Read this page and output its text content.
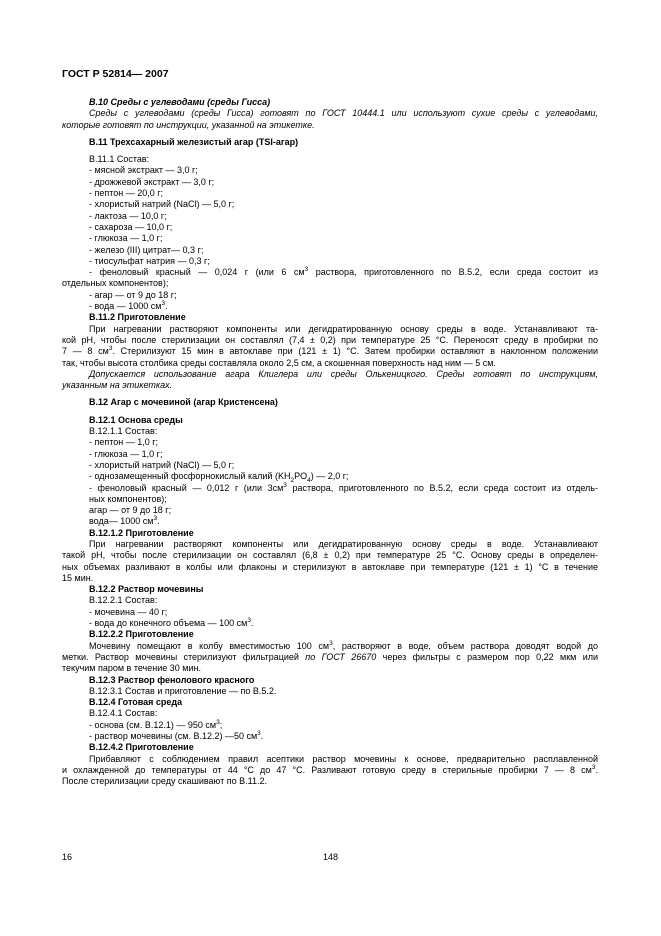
ГОСТ Р 52814— 2007
B.10 Среды с углеводами (среды Гисса)
Среды с углеводами (среды Гисса) готовят по ГОСТ 10444.1 или используют сухие среды с углеводами,
которые готовят по инструкции, указанной на этикетке.
B.11 Трехсахарный железистый агар (TSI-агар)
B.11.1 Состав:
- мясной экстракт — 3,0 г;
- дрожжевой экстракт — 3,0 г;
- пептон — 20,0 г;
- хлористый натрий (NaCl) — 5,0 г;
- лактоза — 10,0 г;
- сахароза — 10,0 г;
- глюкоза — 1,0 г;
- железо (III) цитрат— 0,3 г;
- тиосульфат натрия — 0,3 г;
- феноловый красный — 0,024 г (или 6 $см^3$ раствора, приготовленного по B.5.2, если среда состоит из
отдельных компонентов);
- агар — от 9 до 18 г;
- вода — 1000 $см^3$.
B.11.2 Приготовление
При нагревании растворяют компоненты или дегидратированную основу среды в воде. Устанавливают та-
кой pH, чтобы после стерилизации он составлял (7,4 ± 0,2) при температуре 25 °С. Переносят среду в пробирки по
7 — 8 $см^3$. Стерилизуют 15 мин в автоклаве при (121 ± 1) °С. Затем пробирки оставляют в наклонном положении
так, чтобы высота столбика среды составляла около 2,5 см, а скошенная поверхность над ним — 5 см.
Допускается использование агара Клиглера или среды Олькеницкого. Среды готовят по инструкциям,
указанным на этикетках.
B.12 Агар с мочевиной (агар Кристенсена)
B.12.1 Основа среды
B.12.1.1 Состав:
- пептон — 1,0 г;
- глюкоза — 1,0 г;
- хлористый натрий (NaCl) — 5,0 г;
- однозамещенный фосфорнокислый калий $(KH_2PO_4)$ — 2,0 г;
- феноловый красный — 0,012 г (или $3см^3$ раствора, приготовленного по B.5.2, если среда состоит из отдель-
ных компонентов);
агар — от 9 до 18 г;
вода— 1000 $см^3$.
B.12.1.2 Приготовление
При нагревании растворяют компоненты или дегидратированную основу среды в воде. Устанавливают
такой pH, чтобы после стерилизации он составлял (6,8 ± 0,2) при температуре 25 °С. Основу среды в определен-
ных объемах разливают в колбы или флаконы и стерилизуют в автоклаве при температуре (121 ± 1) °С в течение
15 мин.
B.12.2 Раствор мочевины
B.12.2.1 Состав:
- мочевина — 40 г;
- вода до конечного объема — 100 $см^3$.
B.12.2.2 Приготовление
Мочевину помещают в колбу вместимостью 100 $см^3$, растворяют в воде, объем раствора доводят водой до
метки. Раствор мочевины стерилизуют фильтрацией по ГОСТ 26670 через фильтры с размером пор 0,22 мкм или
текучим паром в течение 30 мин.
B.12.3 Раствор фенолового красного
B.12.3.1 Состав и приготовление — по B.5.2.
B.12.4 Готовая среда
B.12.4.1 Состав:
- основа (см. B.12.1) — 950 $см^3$;
- раствор мочевины (см. B.12.2) —50 $см^3$.
B.12.4.2 Приготовление
Прибавляют с соблюдением правил асептики раствор мочевины к основе, предварительно расплавленной
и охлажденной до температуры от 44 °С до 47 °С. Разливают готовую среду в стерильные пробирки 7 — 8 $см^3$.
После стерилизации среду скашивают по B.11.2.
16	148
